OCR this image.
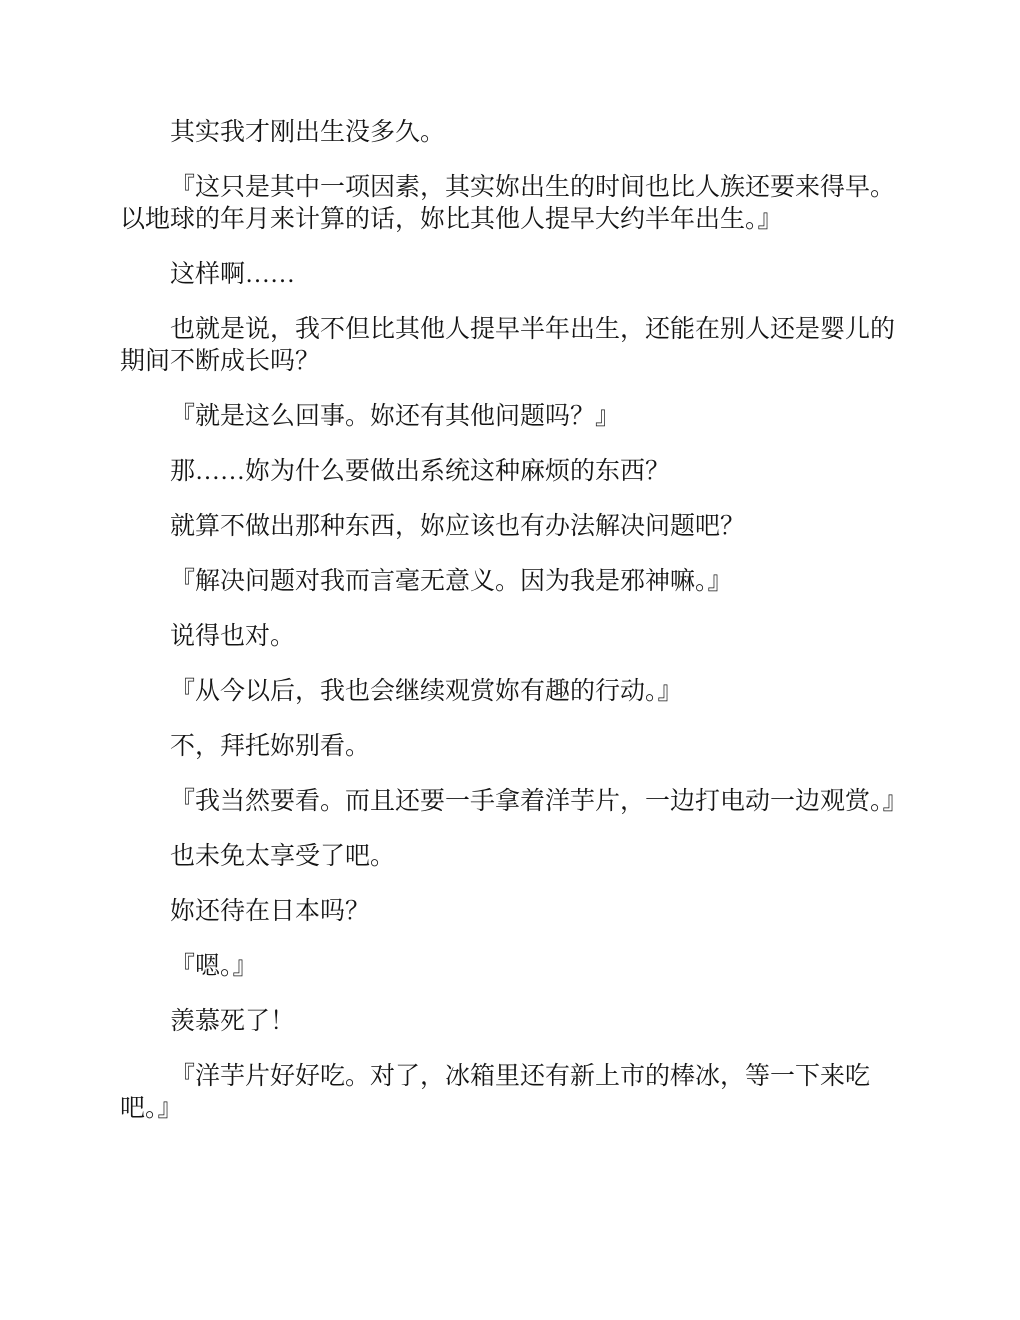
其实我才刚出生没多久。

『这只是其中一项因素，其实妳出生的时间也比人族还要来得早。以地球的年月来计算的话，妳比其他人提早大约半年出生。』

这样啊……

也就是说，我不但比其他人提早半年出生，还能在别人还是婴儿的期间不断成长吗？

『就是这么回事。妳还有其他问题吗？』

那……妳为什么要做出系统这种麻烦的东西？

就算不做出那种东西，妳应该也有办法解决问题吧？

『解决问题对我而言毫无意义。因为我是邪神嘛。』

说得也对。

『从今以后，我也会继续观赏妳有趣的行动。』

不，拜托妳别看。

『我当然要看。而且还要一手拿着洋芋片，一边打电动一边观赏。』

也未免太享受了吧。

妳还待在日本吗？

『嗯。』

羡慕死了！

『洋芋片好好吃。对了，冰箱里还有新上市的棒冰，等一下来吃吧。』
